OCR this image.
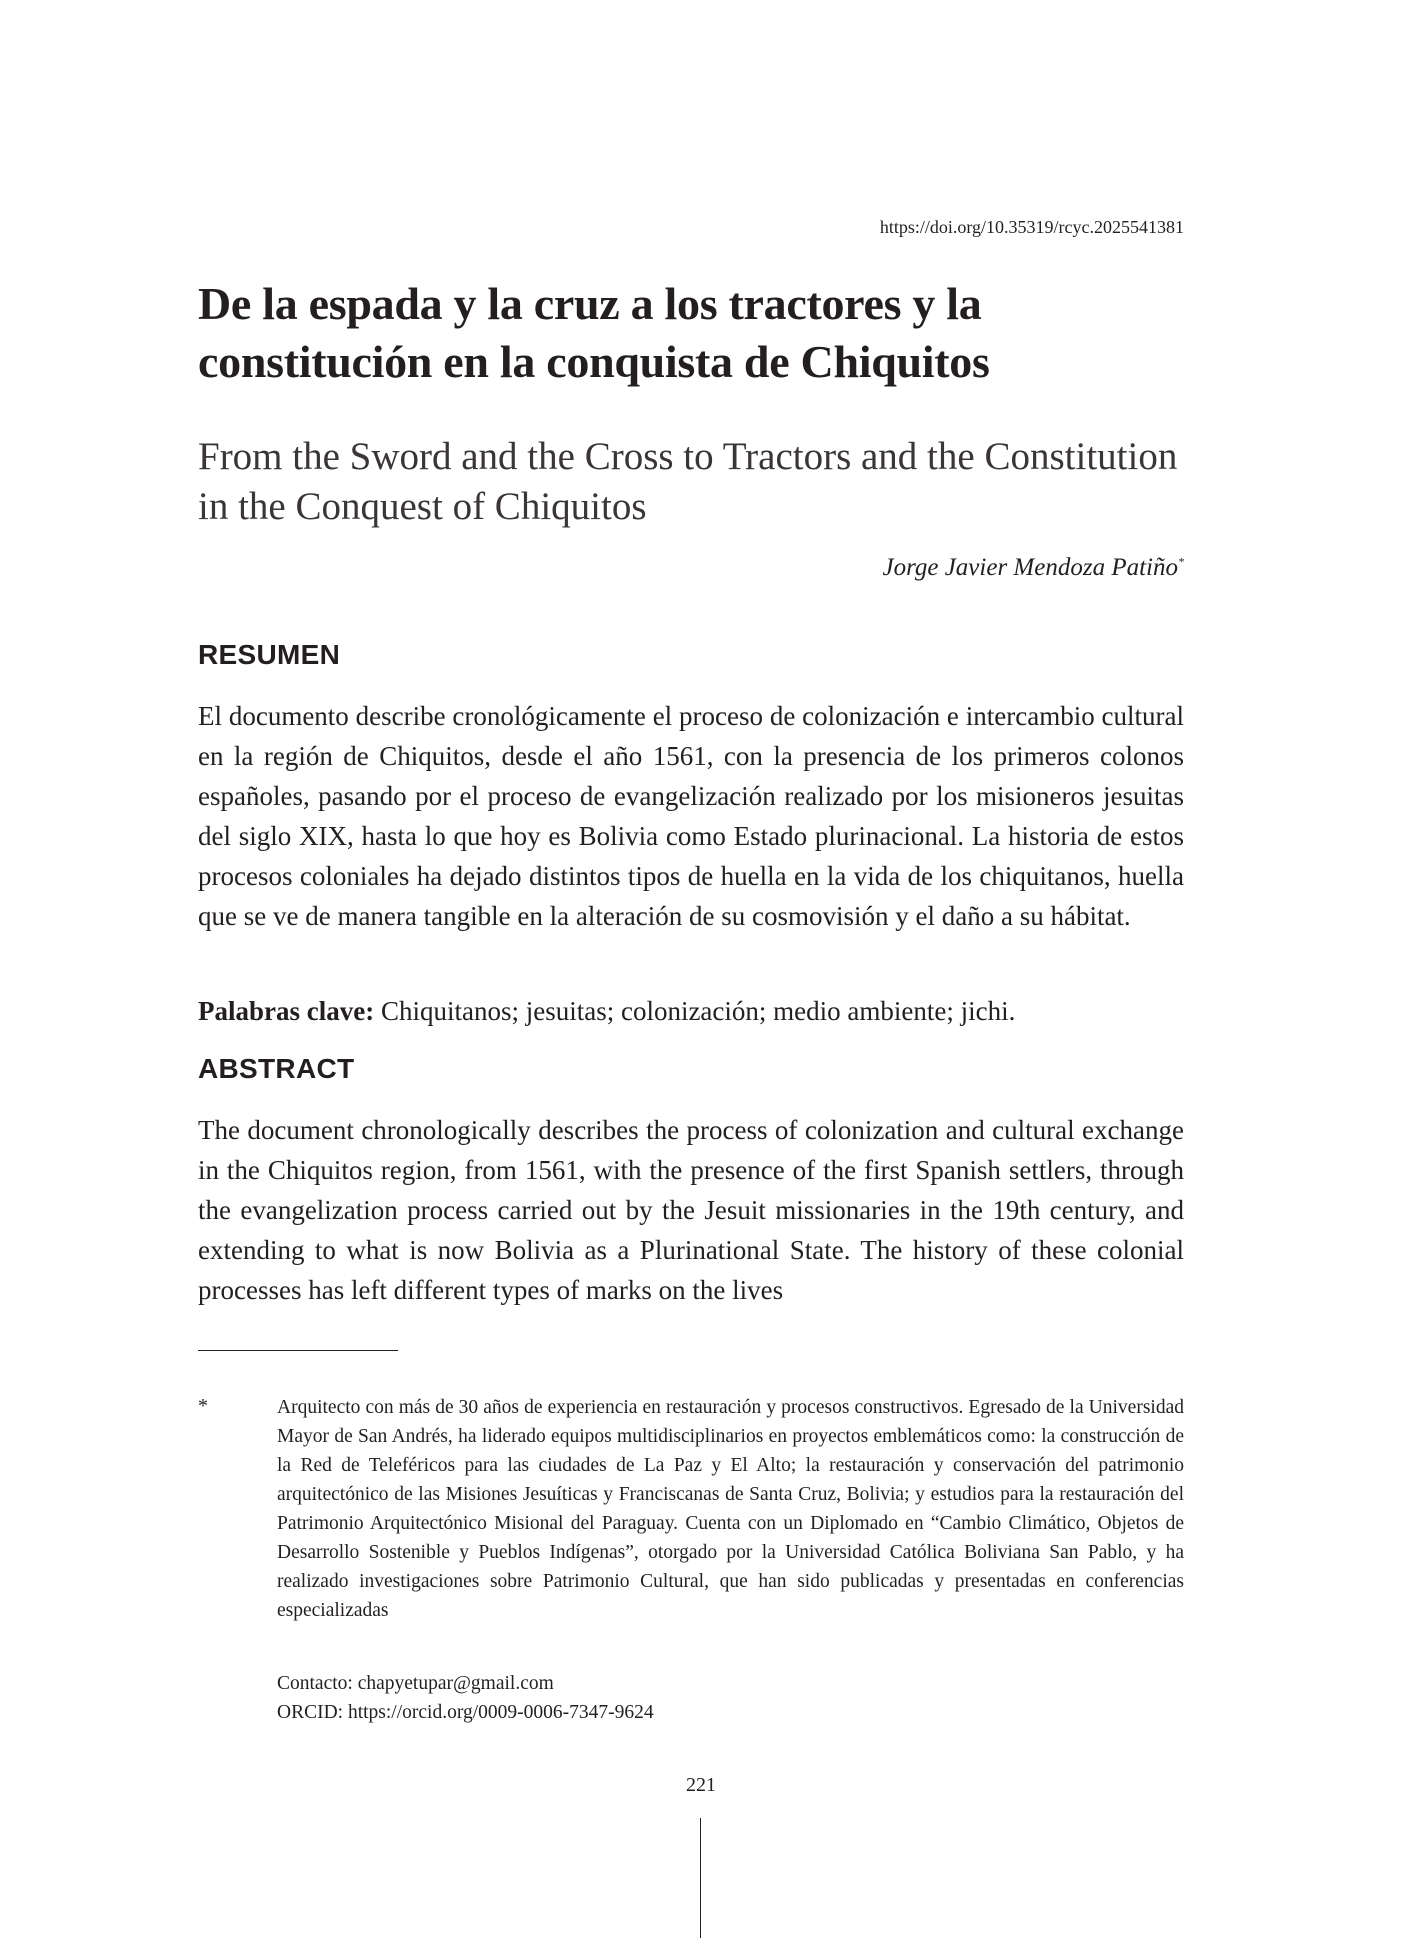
https://doi.org/10.35319/rcyc.2025541381
De la espada y la cruz a los tractores y la constitución en la conquista de Chiquitos
From the Sword and the Cross to Tractors and the Constitution in the Conquest of Chiquitos
Jorge Javier Mendoza Patiño*
RESUMEN

El documento describe cronológicamente el proceso de colonización e intercambio cultural en la región de Chiquitos, desde el año 1561, con la presencia de los primeros colonos españoles, pasando por el proceso de evangelización realizado por los misioneros jesuitas del siglo XIX, hasta lo que hoy es Bolivia como Estado plurinacional. La historia de estos procesos coloniales ha dejado distintos tipos de huella en la vida de los chiquitanos, huella que se ve de manera tangible en la alteración de su cosmovisión y el daño a su hábitat.

Palabras clave: Chiquitanos; jesuitas; colonización; medio ambiente; jichi.

ABSTRACT

The document chronologically describes the process of colonization and cultural exchange in the Chiquitos region, from 1561, with the presence of the first Spanish settlers, through the evangelization process carried out by the Jesuit missionaries in the 19th century, and extending to what is now Bolivia as a Plurinational State. The history of these colonial processes has left different types of marks on the lives

*	Arquitecto con más de 30 años de experiencia en restauración y procesos constructivos. Egresado de la Universidad Mayor de San Andrés, ha liderado equipos multidisciplinarios en proyectos emblemáticos como: la construcción de la Red de Teleféricos para las ciudades de La Paz y El Alto; la restauración y conservación del patrimonio arquitectónico de las Misiones Jesuíticas y Franciscanas de Santa Cruz, Bolivia; y estudios para la restauración del Patrimonio Arquitectónico Misional del Paraguay. Cuenta con un Diplomado en “Cambio Climático, Objetos de Desarrollo Sostenible y Pueblos Indígenas”, otorgado por la Universidad Católica Boliviana San Pablo, y ha realizado investigaciones sobre Patrimonio Cultural, que han sido publicadas y presentadas en conferencias especializadas

Contacto: chapyetupar@gmail.com
ORCID: https://orcid.org/0009-0006-7347-9624
221
